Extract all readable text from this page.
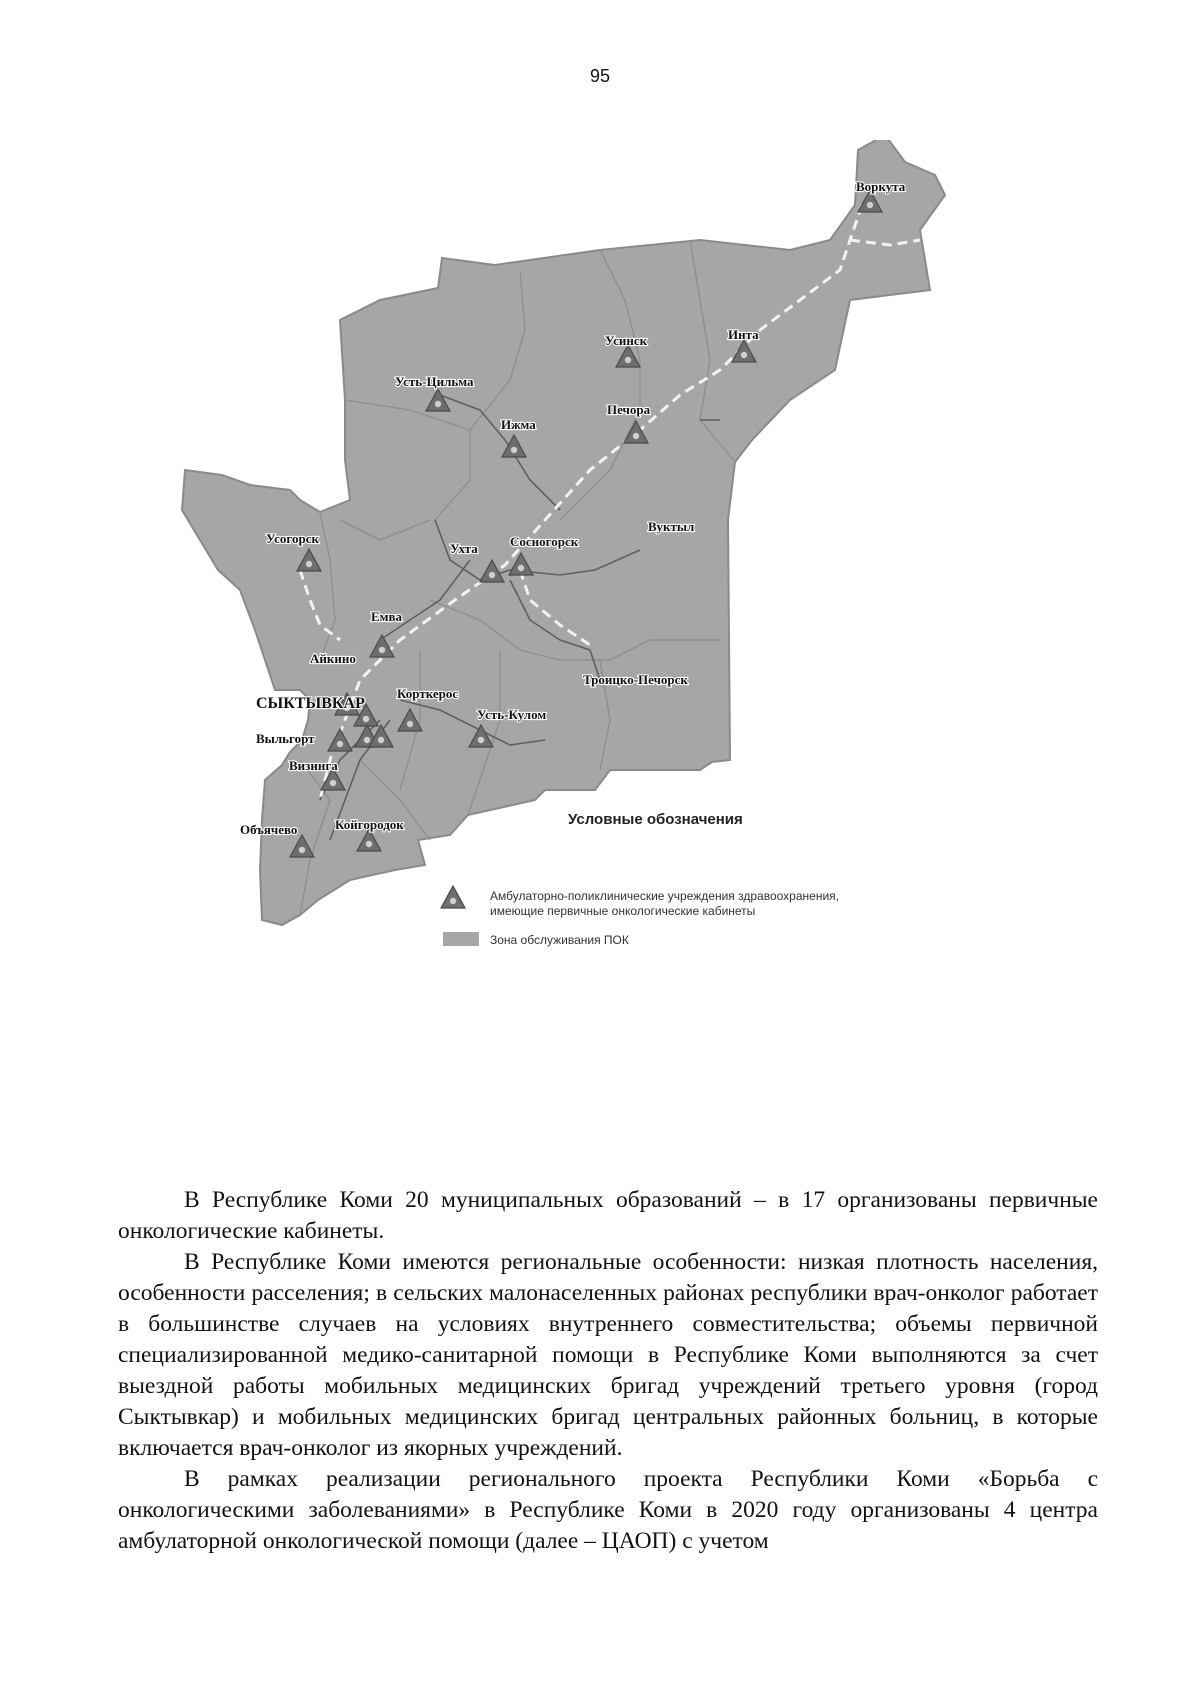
95
Воркута
Инта
Усинск
Печора
Усть-Цильма
Ижма
Вуктыл
Сосногорск
Ухта
Усогорск
Емва
Айкино
СЫКТЫВКАР
Корткерос
Усть-Кулом
Троицко-Печорск
Выльгорт
Визинга
Объячево	Койгородок	Условные обозначения
Амбулаторно-поликлинические учреждения здравоохранения,
имеющие первичные онкологические кабинеты
Зона обслуживания ПОК

В Республике Коми 20 муниципальных образований – в 17 организованы первичные онкологические кабинеты.

В Республике Коми имеются региональные особенности: низкая плотность населения, особенности расселения; в сельских малонаселенных районах республики врач-онколог работает в большинстве случаев на условиях внутреннего совместительства; объемы первичной специализированной медико-санитарной помощи в Республике Коми выполняются за счет выездной работы мобильных медицинских бригад учреждений третьего уровня (город Сыктывкар) и мобильных медицинских бригад центральных районных больниц, в которые включается врач-онколог из якорных учреждений.

В рамках реализации регионального проекта Республики Коми «Борьба с онкологическими заболеваниями» в Республике Коми в 2020 году организованы 4 центра амбулаторной онкологической помощи (далее – ЦАОП) с учетом
